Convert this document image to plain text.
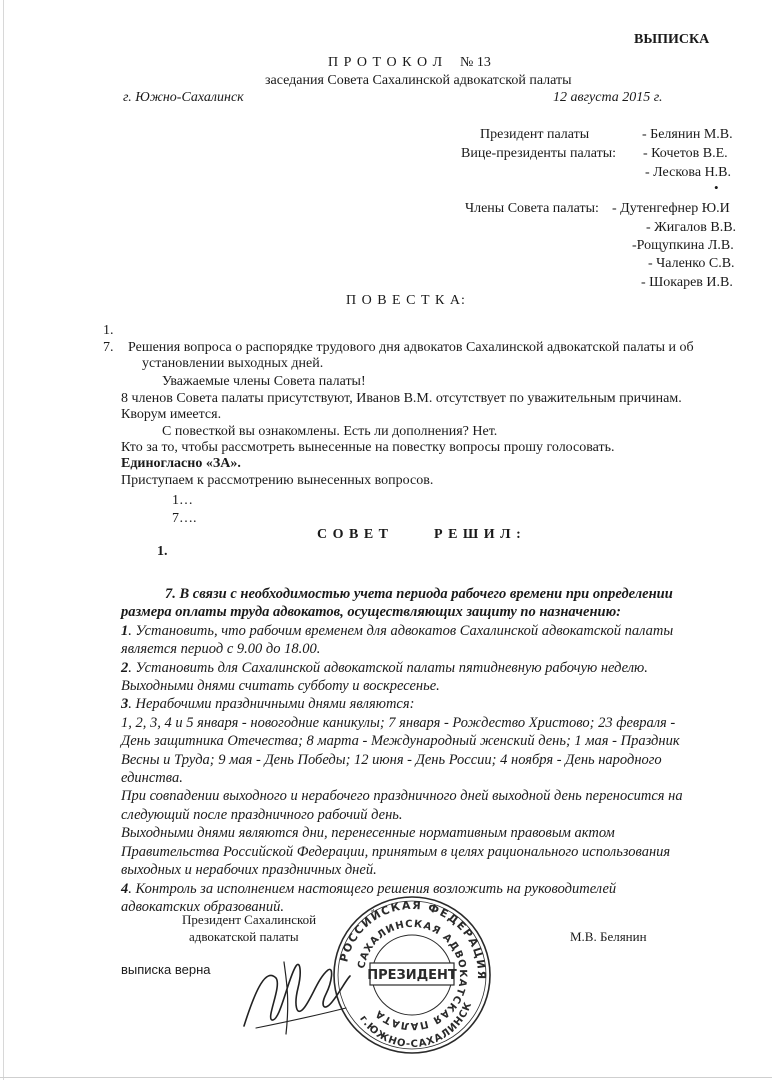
ВЫПИСКА
П Р О Т О К О Л № 13
заседания Совета Сахалинской адвокатской палаты
г. Южно-Сахалинск	12 августа 2015 г.
Президент палаты	- Белянин М.В.
Вице-президенты палаты: - Кочетов В.Е.
- Лескова Н.В.
•
Члены Совета палаты: - Дутенгефнер Ю.И
- Жигалов В.В.
-Рощупкина Л.В.
- Чаленко С.В.
- Шокарев И.В.
П О В Е С Т К А:
1.
7. Решения вопроса о распорядке трудового дня адвокатов Сахалинской адвокатской палаты и об
установлении выходных дней.
Уважаемые члены Совета палаты!
8 членов Совета палаты присутствуют, Иванов В.М. отсутствует по уважительным причинам.
Кворум имеется.
С повесткой вы ознакомлены. Есть ли дополнения? Нет.
Кто за то, чтобы рассмотреть вынесенные на повестку вопросы прошу голосовать.
Единогласно «ЗА».
Приступаем к рассмотрению вынесенных вопросов.
1…
7….
С О В Е Т          Р Е Ш И Л :
1.

7. В связи с необходимостью учета периода рабочего времени при определении

размера оплаты труда адвокатов, осуществляющих защиту по назначению:

1. Установить, что рабочим временем для адвокатов Сахалинской адвокатской палаты

является период с 9.00 до 18.00.

2. Установить для Сахалинской адвокатской палаты пятидневную рабочую неделю.

Выходными днями считать субботу и воскресенье.

3. Нерабочими праздничными днями являются:

1, 2, 3, 4 и 5 января - новогодние каникулы; 7 января - Рождество Христово; 23 февраля -

День защитника Отечества; 8 марта - Международный женский день; 1 мая - Праздник

Весны и Труда; 9 мая - День Победы; 12 июня - День России; 4 ноября - День народного

единства.

При совпадении выходного и нерабочего праздничного дней выходной день переносится на

следующий после праздничного рабочий день.

Выходными днями являются дни, перенесенные нормативным правовым актом

Правительства Российской Федерации, принятым в целях рационального использования

выходных и нерабочих праздничных дней.

4. Контроль за исполнением настоящего решения возложить на руководителей

адвокатских образований.

Президент Сахалинской
адвокатской палаты	М.В. Белянин
выписка верна
РОССИЙСКАЯ ФЕДЕРАЦИЯ
САХАЛИНСКАЯ АДВОКАТСКАЯ ПАЛАТА
г.ЮЖНО-САХАЛИНСК
ПРЕЗИДЕНТ
